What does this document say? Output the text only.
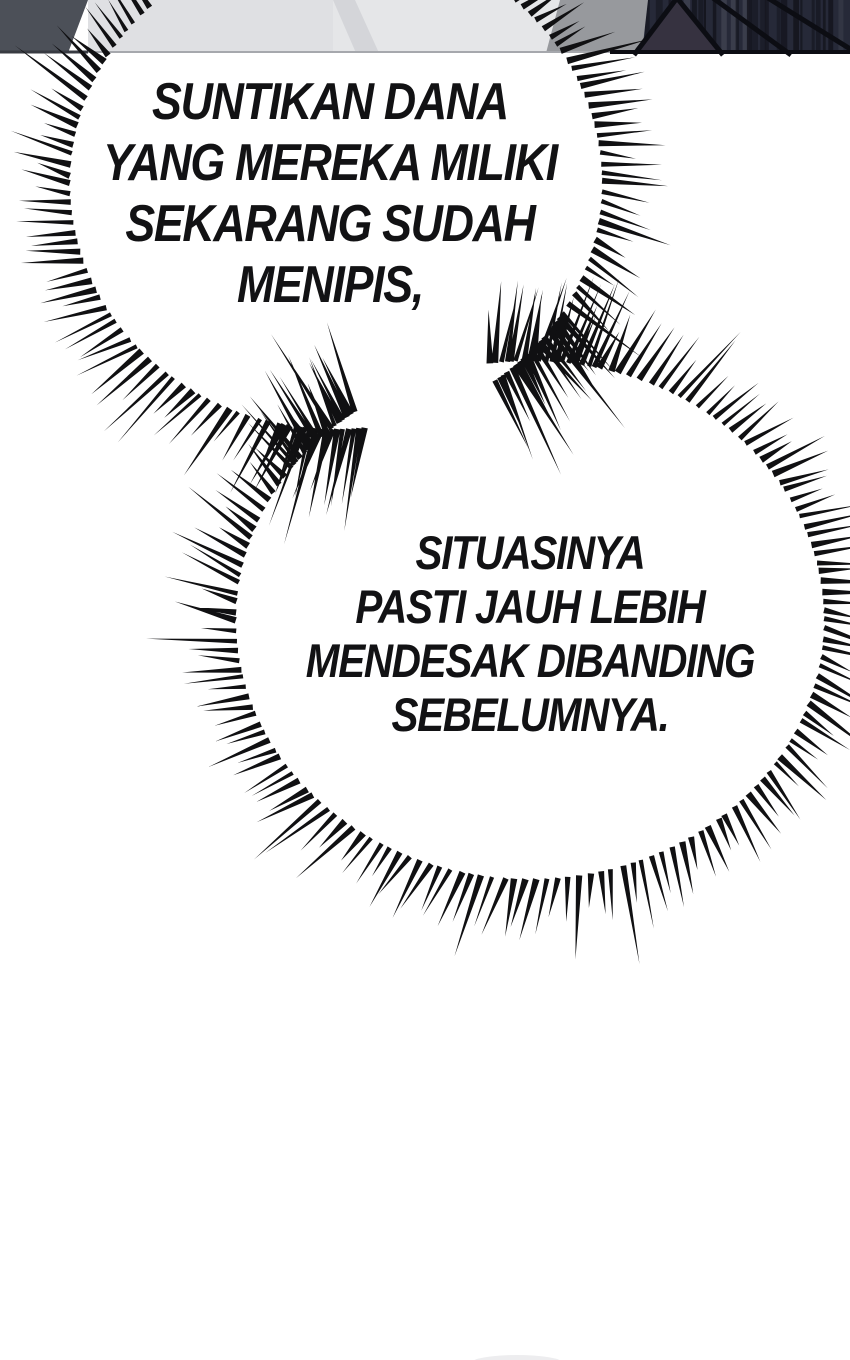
SUNTIKAN DANA
YANG MEREKA MILIKI
SEKARANG SUDAH
MENIPIS,
SITUASINYA
PASTI JAUH LEBIH
MENDESAK DIBANDING
SEBELUMNYA.
